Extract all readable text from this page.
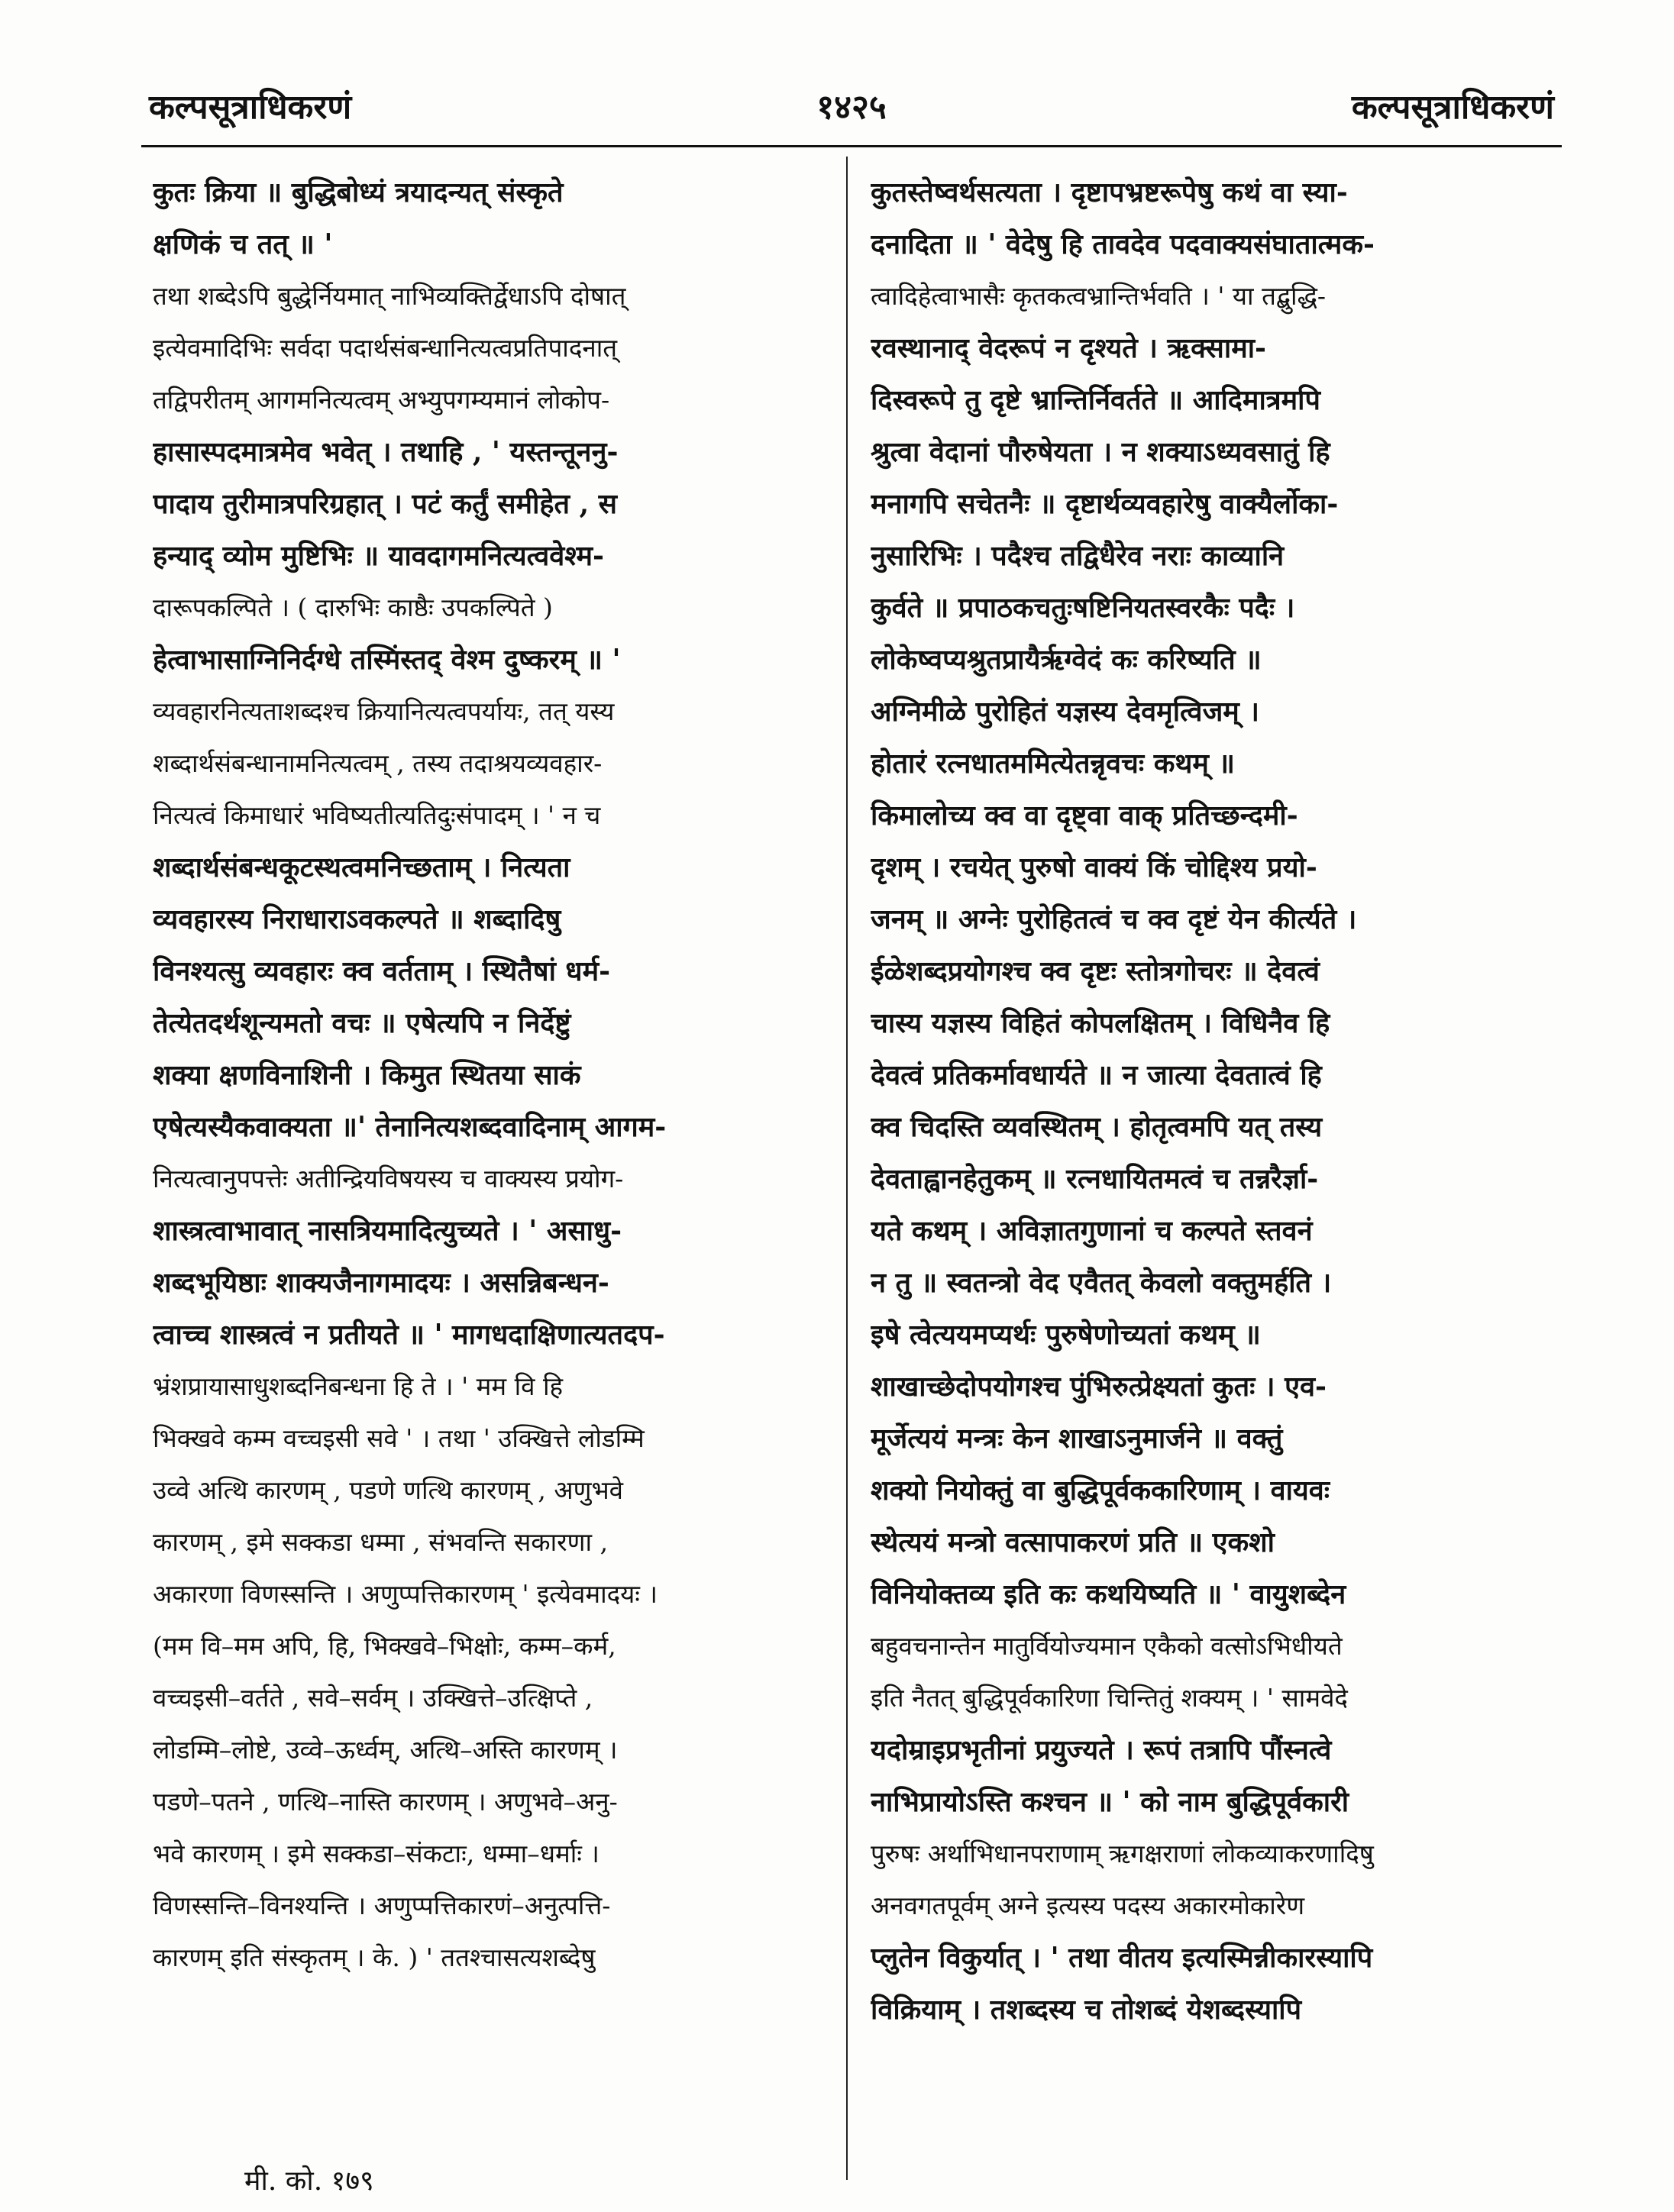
कल्पसूत्राधिकरणं	१४२५	कल्पसूत्राधिकरणं
कुतः क्रिया ॥ बुद्धिबोध्यं त्रयादन्यत् संस्कृते
क्षणिकं च तत् ॥ '
तथा शब्देऽपि बुद्धेर्नियमात् नाभिव्यक्तिर्द्वेधाऽपि दोषात्
इत्येवमादिभिः सर्वदा पदार्थसंबन्धानित्यत्वप्रतिपादनात्
तद्विपरीतम् आगमनित्यत्वम् अभ्युपगम्यमानं लोकोप-
हासास्पदमात्रमेव भवेत् । तथाहि , ' यस्तन्तूननु-
पादाय तुरीमात्रपरिग्रहात् । पटं कर्तुं समीहेत , स
हन्याद् व्योम मुष्टिभिः ॥ यावदागमनित्यत्ववेश्म-
दारूपकल्पिते । ( दारुभिः काष्ठैः उपकल्पिते )
हेत्वाभासाग्निनिर्दग्धे तस्मिंस्तद् वेश्म दुष्करम् ॥ '
व्यवहारनित्यताशब्दश्च क्रियानित्यत्वपर्यायः, तत् यस्य
शब्दार्थसंबन्धानामनित्यत्वम् , तस्य तदाश्रयव्यवहार-
नित्यत्वं किमाधारं भविष्यतीत्यतिदुःसंपादम् । ' न च
शब्दार्थसंबन्धकूटस्थत्वमनिच्छताम् । नित्यता
व्यवहारस्य निराधाराऽवकल्पते ॥ शब्दादिषु
विनश्यत्सु व्यवहारः क्व वर्तताम् । स्थितैषां धर्म-
तेत्येतदर्थशून्यमतो वचः ॥ एषेत्यपि न निर्देष्टुं
शक्या क्षणविनाशिनी । किमुत स्थितया साकं
एषेत्यस्यैकवाक्यता ॥' तेनानित्यशब्दवादिनाम् आगम-
नित्यत्वानुपपत्तेः अतीन्द्रियविषयस्य च वाक्यस्य प्रयोग-
शास्त्रत्वाभावात् नासत्रियमादित्युच्यते । ' असाधु-
शब्दभूयिष्ठाः शाक्यजैनागमादयः । असन्निबन्धन-
त्वाच्च शास्त्रत्वं न प्रतीयते ॥ ' मागधदाक्षिणात्यतदप-
भ्रंशप्रायासाधुशब्दनिबन्धना हि ते । ' मम वि हि
भिक्खवे कम्म वच्चइसी सवे ' । तथा ' उक्खित्ते लोडम्मि
उव्वे अत्थि कारणम् , पडणे णत्थि कारणम् , अणुभवे
कारणम् , इमे सक्कडा धम्मा , संभवन्ति सकारणा ,
अकारणा विणस्सन्ति । अणुप्पत्तिकारणम् ' इत्येवमादयः ।
(मम वि–मम अपि, हि, भिक्खवे–भिक्षोः, कम्म–कर्म,
वच्चइसी–वर्तते , सवे–सर्वम् । उक्खित्ते–उत्क्षिप्ते ,
लोडम्मि–लोष्टे, उव्वे–ऊर्ध्वम्, अत्थि–अस्ति कारणम् ।
पडणे–पतने , णत्थि–नास्ति कारणम् । अणुभवे–अनु-
भवे कारणम् । इमे सक्कडा–संकटाः, धम्मा–धर्माः ।
विणस्सन्ति–विनश्यन्ति । अणुप्पत्तिकारणं–अनुत्पत्ति-
कारणम् इति संस्कृतम् । के. ) ' ततश्चासत्यशब्देषु
कुतस्तेष्वर्थसत्यता । दृष्टापभ्रष्टरूपेषु कथं वा स्या-
दनादिता ॥ ' वेदेषु हि तावदेव पदवाक्यसंघातात्मक-
त्वादिहेत्वाभासैः कृतकत्वभ्रान्तिर्भवति । ' या तद्बुद्धि-
रवस्थानाद् वेदरूपं न दृश्यते । ऋक्सामा-
दिस्वरूपे तु दृष्टे भ्रान्तिर्निवर्तते ॥ आदिमात्रमपि
श्रुत्वा वेदानां पौरुषेयता । न शक्याऽध्यवसातुं हि
मनागपि सचेतनैः ॥ दृष्टार्थव्यवहारेषु वाक्यैर्लोका-
नुसारिभिः । पदैश्च तद्विधैरेव नराः काव्यानि
कुर्वते ॥ प्रपाठकचतुःषष्टिनियतस्वरकैः पदैः ।
लोकेष्वप्यश्रुतप्रायैर्ऋग्वेदं कः करिष्यति ॥
अग्निमीळे पुरोहितं यज्ञस्य देवमृत्विजम् ।
होतारं रत्नधातममित्येतन्नृवचः कथम् ॥
किमालोच्य क्व वा दृष्ट्वा वाक् प्रतिच्छन्दमी-
दृशम् । रचयेत् पुरुषो वाक्यं किं चोद्दिश्य प्रयो-
जनम् ॥ अग्नेः पुरोहितत्वं च क्व दृष्टं येन कीर्त्यते ।
ईळेशब्दप्रयोगश्च क्व दृष्टः स्तोत्रगोचरः ॥ देवत्वं
चास्य यज्ञस्य विहितं कोपलक्षितम् । विधिनैव हि
देवत्वं प्रतिकर्मावधार्यते ॥ न जात्या देवतात्वं हि
क्व चिदस्ति व्यवस्थितम् । होतृत्वमपि यत् तस्य
देवताह्वानहेतुकम् ॥ रत्नधायितमत्वं च तन्नरैर्ज्ञा-
यते कथम् । अविज्ञातगुणानां च कल्पते स्तवनं
न तु ॥ स्वतन्त्रो वेद एवैतत् केवलो वक्तुमर्हति ।
इषे त्वेत्ययमप्यर्थः पुरुषेणोच्यतां कथम् ॥
शाखाच्छेदोपयोगश्च पुंभिरुत्प्रेक्ष्यतां कुतः । एव-
मूर्जेत्ययं मन्त्रः केन शाखाऽनुमार्जने ॥ वक्तुं
शक्यो नियोक्तुं वा बुद्धिपूर्वककारिणाम् । वायवः
स्थेत्ययं मन्त्रो वत्सापाकरणं प्रति ॥ एकशो
विनियोक्तव्य इति कः कथयिष्यति ॥ ' वायुशब्देन
बहुवचनान्तेन मातुर्वियोज्यमान एकैको वत्सोऽभिधीयते
इति नैतत् बुद्धिपूर्वकारिणा चिन्तितुं शक्यम् । ' सामवेदे
यदोम्राइप्रभृतीनां प्रयुज्यते । रूपं तत्रापि पौंस्नत्वे
नाभिप्रायोऽस्ति कश्चन ॥ ' को नाम बुद्धिपूर्वकारी
पुरुषः अर्थाभिधानपराणाम् ऋगक्षराणां लोकव्याकरणादिषु
अनवगतपूर्वम् अग्ने इत्यस्य पदस्य अकारमोकारेण
प्लुतेन विकुर्यात् । ' तथा वीतय इत्यस्मिन्नीकारस्यापि
विक्रियाम् । तशब्दस्य च तोशब्दं येशब्दस्यापि
मी. को. १७९
